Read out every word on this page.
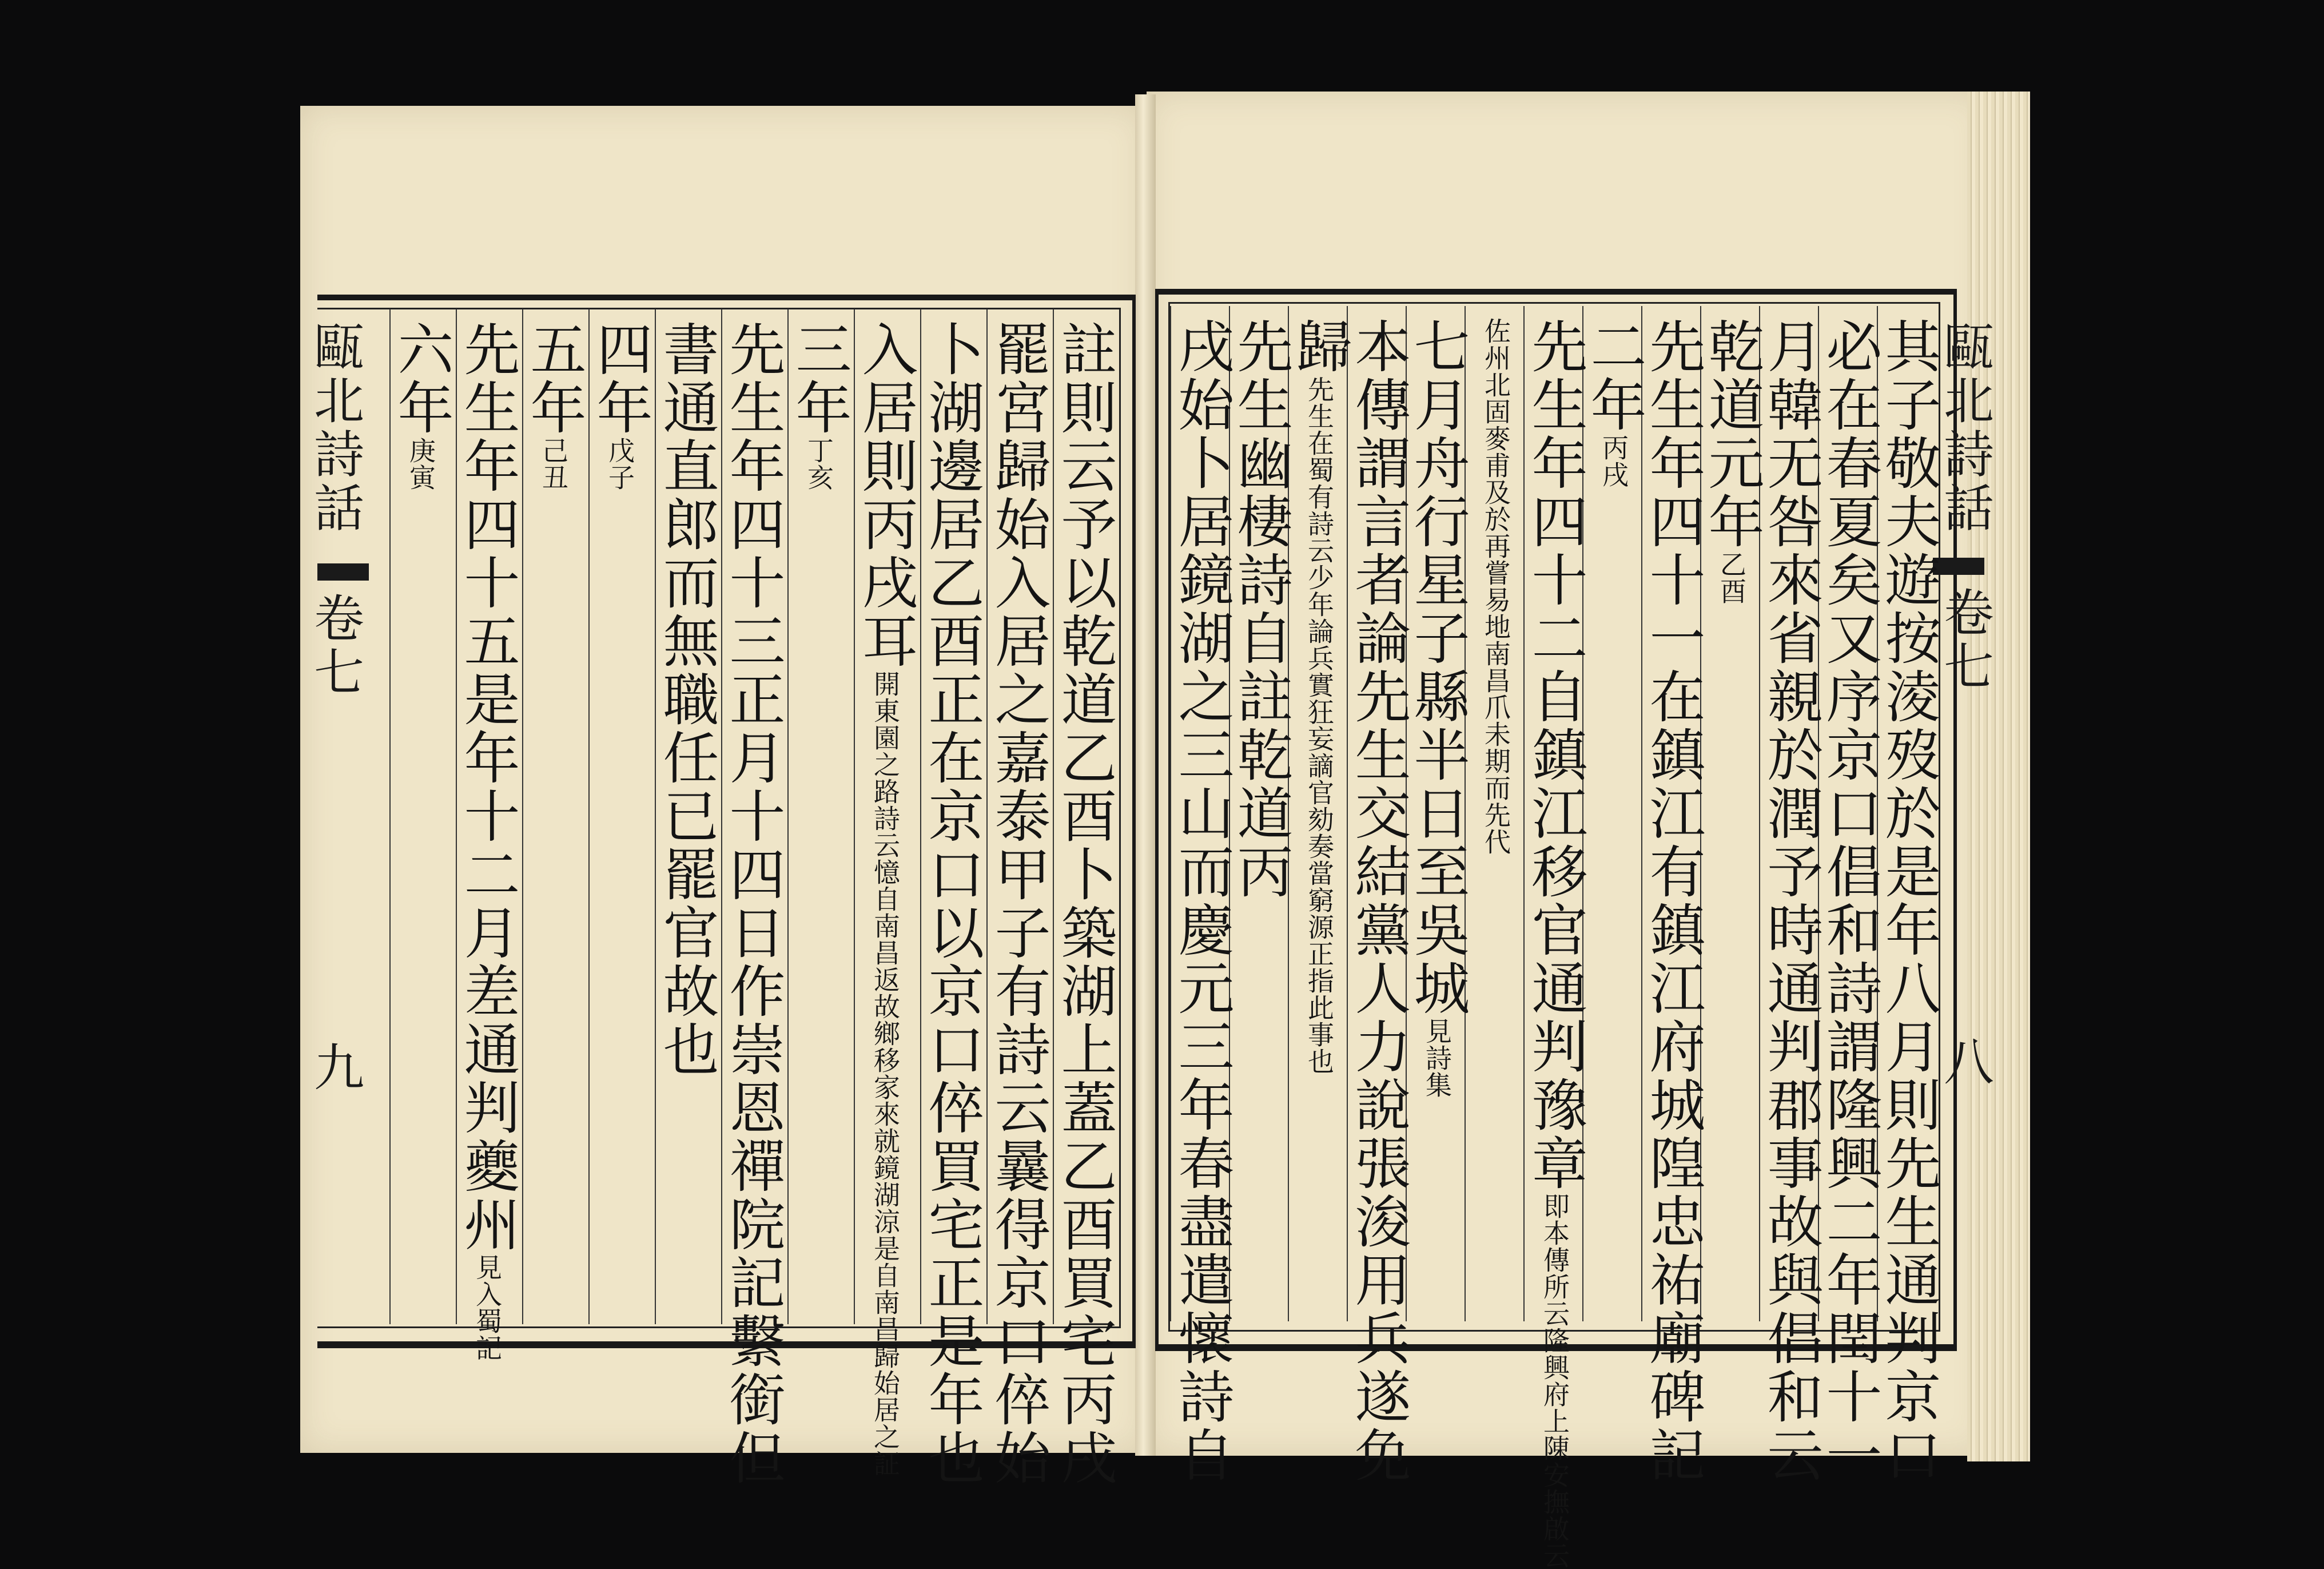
甌北詩話
卷七
九
甌北詩話
卷七
八
註則云予以乾道乙酉卜築湖上蓋乙酉買宅丙戌
罷宮歸始入居之嘉泰甲子有詩云曩得京口倅始
卜湖邊居乙酉正在京口以京口倅買宅正是年也
入居則丙戌耳開東園之路詩云憶自南昌返故鄉移家來就鏡湖涼是自南昌歸始居之証
三年丁亥
先生年四十三正月十四日作崇恩禪院記繫銜但
書通直郎而無職任已罷官故也
四年戊子
五年己丑
先生年四十五是年十二月差通判夔州見入蜀記
六年庚寅	其子敬夫遊按淩歿於是年八月則先生通判京口
必在春夏矣又序京口倡和詩謂隆興二年閏十一
月韓无咎來省親於潤予時通判郡事故與倡和云
乾道元年乙酉
先生年四十一在鎮江有鎮江府城隍忠祐廟碑記
二年丙戌
先生年四十二自鎮江移官通判豫章即本傳所云隆興府上陳安撫啟云
佐州北固麥甫及於再嘗易地南昌爪未期而先代
七月舟行星子縣半日至吳城見詩集
本傳謂言者論先生交結黨人力說張浚用兵遂免
歸先生在蜀有詩云少年論兵實狂妄謫官劾奏當窮源正指此事也
先生幽棲詩自註乾道丙
戌始卜居鏡湖之三山而慶元三年春盡遣懷詩自
